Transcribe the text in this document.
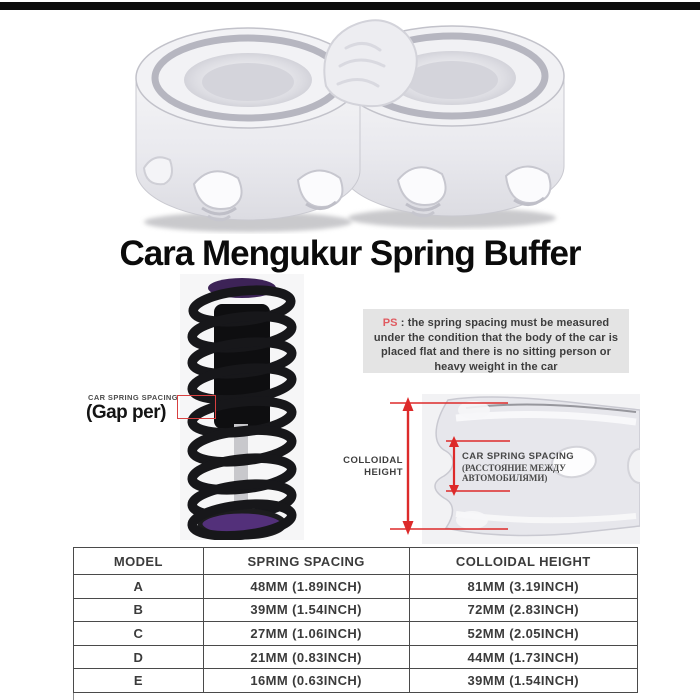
Cara Mengukur Spring Buffer
CAR SPRING SPACING
(Gap per)
PS : the spring spacing must be measured under the condition that the body of the car is placed flat and there is no sitting person or heavy weight in the car
COLLOIDAL
HEIGHT
CAR SPRING SPACING
(РАССТОЯНИЕ МЕЖДУ
АВТОМОБИЛЯМИ)
MODEL	SPRING SPACING	COLLOIDAL HEIGHT
A	48MM (1.89INCH)	81MM (3.19INCH)
B	39MM (1.54INCH)	72MM (2.83INCH)
C	27MM (1.06INCH)	52MM (2.05INCH)
D	21MM (0.83INCH)	44MM (1.73INCH)
E	16MM (0.63INCH)	39MM (1.54INCH)
